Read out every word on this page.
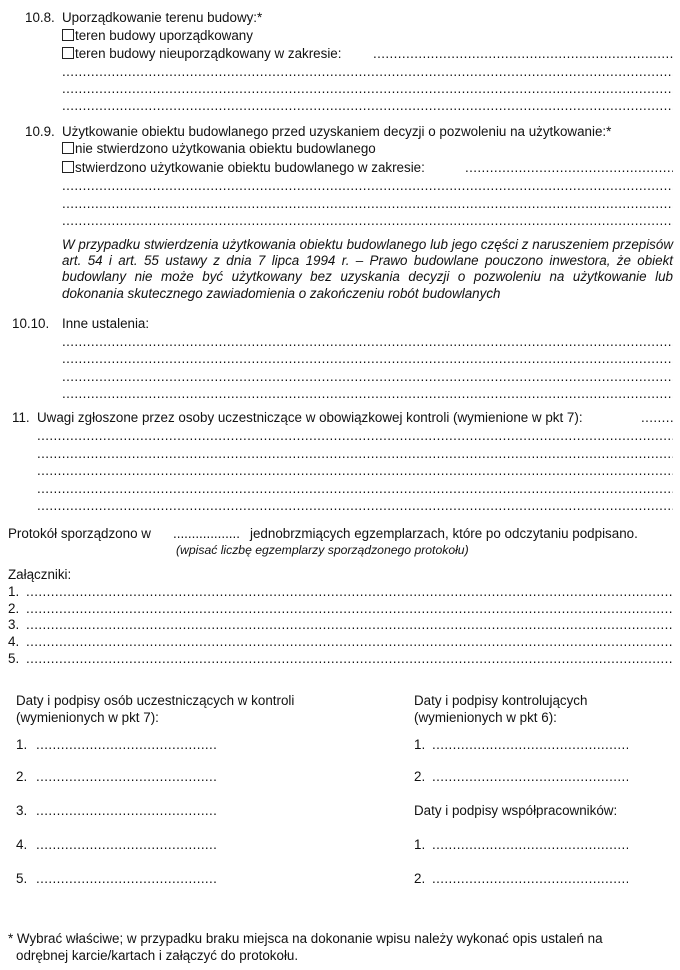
10.8. Uporządkowanie terenu budowy:*
teren budowy uporządkowany
teren budowy nieuporządkowany w zakresie:
.....
.....
.....
.....
10.9. Użytkowanie obiektu budowlanego przed uzyskaniem decyzji o pozwoleniu na użytkowanie:*
nie stwierdzono użytkowania obiektu budowlanego
stwierdzono użytkowanie obiektu budowlanego w zakresie:
.....
.....
.....
.....
W przypadku stwierdzenia użytkowania obiektu budowlanego lub jego części z naruszeniem przepisów art. 54 i art. 55 ustawy z dnia 7 lipca 1994 r. – Prawo budowlane pouczono inwestora, że obiekt budowlany nie może być użytkowany bez uzyskania decyzji o pozwoleniu na użytkowanie lub dokonania skutecznego zawiadomienia o zakończeniu robót budowlanych
10.10. Inne ustalenia:
.....
.....
.....
.....
11. Uwagi zgłoszone przez osoby uczestniczące w obowiązkowej kontroli (wymienione w pkt 7):
.....
.....
.....
.....
.....
.....
Protokół sporządzono w .................. jednobrzmiących egzemplarzach, które po odczytaniu podpisano.
(wpisać liczbę egzemplarzy sporządzonego protokołu)
Załączniki:
1.
.....
2.
.....
3.
.....
4.
.....
5.
.....
Daty i podpisy osób uczestniczących w kontroli
(wymienionych w pkt 7):
1.
.....
2.
.....
3.
.....
4.
.....
5.
.....
Daty i podpisy kontrolujących
(wymienionych w pkt 6):
1.
.....
2.
.....
Daty i podpisy współpracowników:
1.
.....
2.
.....
* Wybrać właściwe; w przypadku braku miejsca na dokonanie wpisu należy wykonać opis ustaleń na
odrębnej karcie/kartach i załączyć do protokołu.
